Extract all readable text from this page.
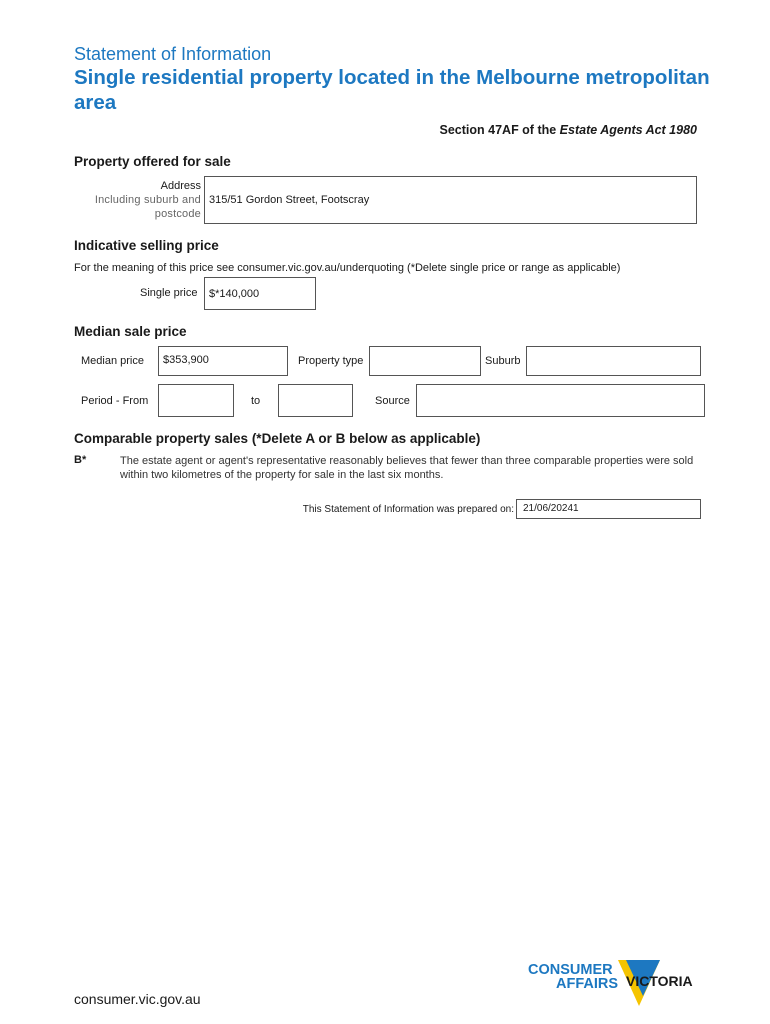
Statement of Information
Single residential property located in the Melbourne metropolitan area
Section 47AF of the Estate Agents Act 1980
Property offered for sale
Address
Including suburb and
postcode
315/51 Gordon Street, Footscray
Indicative selling price
For the meaning of this price see consumer.vic.gov.au/underquoting (*Delete single price or range as applicable)
Single price	$*140,000
Median sale price
Median price	$353,900	Property type	Suburb
Period - From	to	Source
Comparable property sales (*Delete A or B below as applicable)
B*	The estate agent or agent's representative reasonably believes that fewer than three comparable properties were sold within two kilometres of the property for sale in the last six months.
This Statement of Information was prepared on: 21/06/20241
consumer.vic.gov.au
CONSUMER
AFFAIRS VICTORIA
